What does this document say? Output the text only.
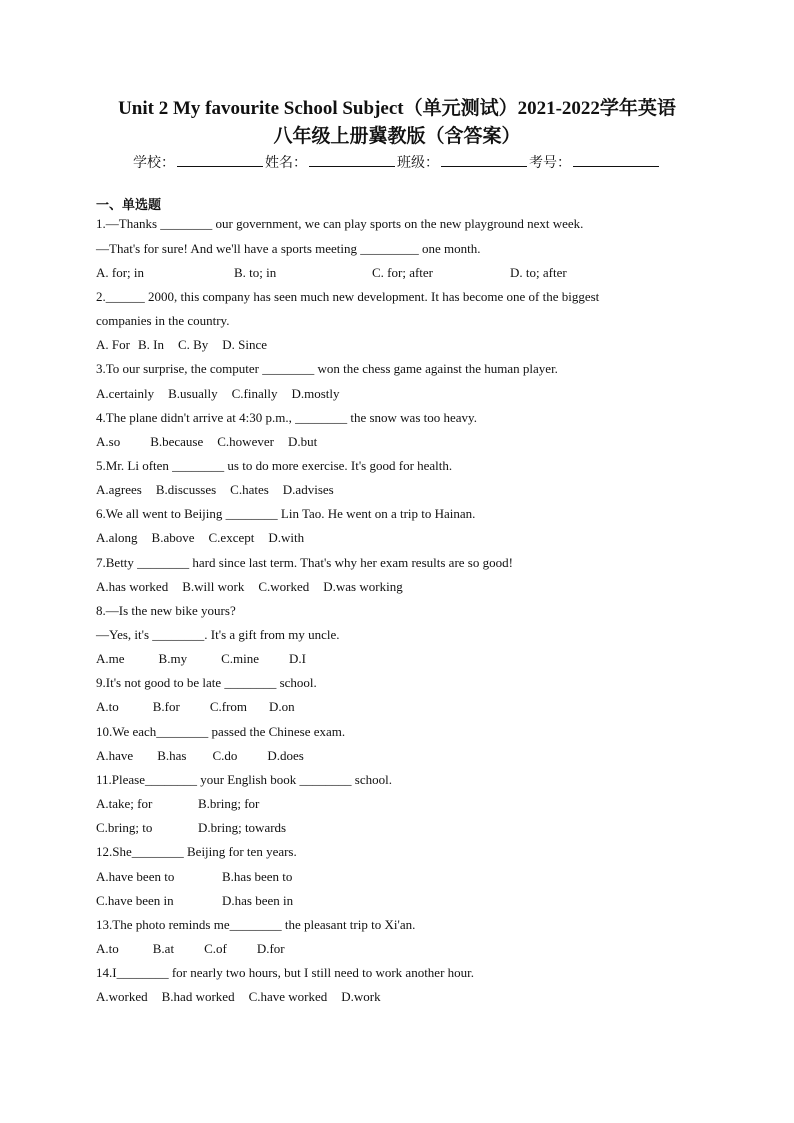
Unit 2 My favourite School Subject（单元测试）2021-2022学年英语
八年级上册冀教版（含答案）
学校：	姓名：	班级：	考号：
一、单选题
1.—Thanks ________ our government, we can play sports on the new playground next week.
—That's for sure! And we'll have a sports meeting _________ one month.
A. for; in	B. to; in	C. for; after	D. to; after
2.______ 2000, this company has seen much new development. It has become one of the biggest
companies in the country.
A. For B. In C. By D. Since
3.To our surprise, the computer ________ won the chess game against the human player.
A.certainly B.usually C.finally D.mostly
4.The plane didn't arrive at 4:30 p.m., ________ the snow was too heavy.
A.so B.because C.however D.but
5.Mr. Li often ________ us to do more exercise. It's good for health.
A.agrees B.discusses C.hates D.advises
6.We all went to Beijing ________ Lin Tao. He went on a trip to Hainan.
A.along B.above C.except D.with
7.Betty ________ hard since last term. That's why her exam results are so good!
A.has worked B.will work C.worked D.was working
8.—Is the new bike yours?
—Yes, it's ________. It's a gift from my uncle.
A.me	B.my	C.mine D.I
9.It's not good to be late ________ school.
A.to	B.for C.from D.on
10.We each________ passed the Chinese exam.
A.have B.has C.do D.does
11.Please________ your English book ________ school.
A.take; for	B.bring; for
C.bring; to	D.bring; towards
12.She________ Beijing for ten years.
A.have been to	B.has been to
C.have been in	D.has been in
13.The photo reminds me________ the pleasant trip to Xi'an.
A.to	B.at C.of D.for
14.I________ for nearly two hours, but I still need to work another hour.
A.worked B.had worked C.have worked D.work
